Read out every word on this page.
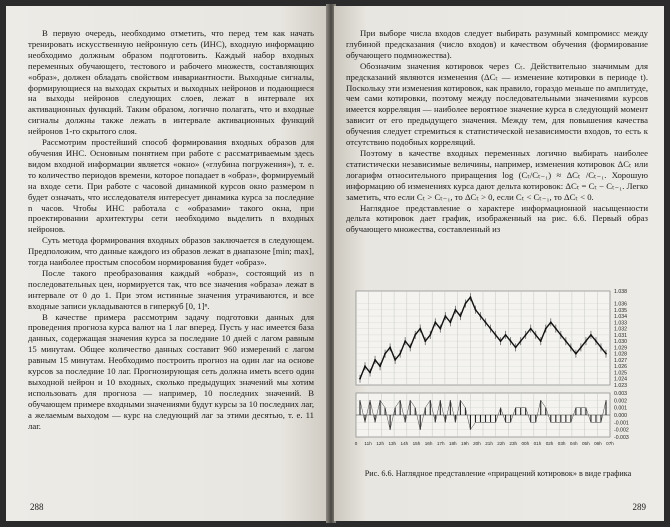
В первую очередь, необходимо отметить, что перед тем как начать тренировать искусственную нейронную сеть (ИНС), входную информацию необходимо должным образом подготовить. Каждый набор входных переменных обучающего, тестового и рабочего множеств, составляющих «образ», должен обладать свойством инвариантности. Выходные сигналы, формирующиеся на выходах скрытых и выходных нейронов и подающиеся на выходы нейронов следующих слоев, лежат в интервале их активационных функций. Таким образом, логично полагать, что и входные сигналы должны также лежать в интервале активационных функций нейронов 1-го скрытого слоя.

Рассмотрим простейший способ формирования входных образов для обучения ИНС. Основным понятием при работе с рассматриваемым здесь видом входной информации является «окно» («глубина погружения»), т. е. то количество периодов времени, которое попадает в «образ», формируемый на входе сети. При работе с часовой динамикой курсов окно размером n будет означать, что исследователя интересует динамика курса за последние n часов. Чтобы ИНС работала с «образами» такого окна, при проектировании архитектуры сети необходимо выделить n входных нейронов.

Суть метода формирования входных образов заключается в следующем. Предположим, что данные каждого из образов лежат в диапазоне [min; max], тогда наиболее простым способом нормирования будет «образ».

После такого преобразования каждый «образ», состоящий из n последовательных цен, нормируется так, что все значения «образа» лежат в интервале от 0 до 1. При этом истинные значения утрачиваются, и все входные записи укладываются в гиперкуб [0, 1]ⁿ.

В качестве примера рассмотрим задачу подготовки данных для проведения прогноза курса валют на 1 лаг вперед. Пусть у нас имеется база данных, содержащая значения курса за последние 10 дней с лагом равным 15 минутам. Общее количество данных составит 960 измерений с лагом равным 15 минутам. Необходимо построить прогноз на один лаг на основе курсов за последние 10 лаг. Прогнозирующая сеть должна иметь всего один выходной нейрон и 10 входных, сколько предыдущих значений мы хотим использовать для прогноза — например, 10 последних значений. В обучающем примере входными значениями будут курсы за 10 последних лаг, а желаемым выходом — курс на следующий лаг за этими десятью, т. е. 11 лаг.

288

При выборе числа входов следует выбирать разумный компромисс между глубиной предсказания (число входов) и качеством обучения (формирование обучающего подмножества).

Обозначим значения котировок через Cₜ. Действительно значимым для предсказаний являются изменения (ΔCₜ — изменение котировки в периоде t). Поскольку эти изменения котировок, как правило, гораздо меньше по амплитуде, чем сами котировки, поэтому между последовательными значениями курсов имеется корреляция — наиболее вероятное значение курса в следующий момент зависит от его предыдущего значения. Между тем, для повышения качества обучения следует стремиться к статистической независимости входов, то есть к отсутствию подобных корреляций.

Поэтому в качестве входных переменных логично выбирать наиболее статистически независимые величины, например, изменения котировок ΔCₜ или логарифм относительного приращения log (Cₜ/Cₜ₋₁) ≈ ΔCₜ /Cₜ₋₁. Хорошую информацию об изменениях курса дают дельта котировок: ΔCₜ = Cₜ − Cₜ₋₁. Легко заметить, что если Cₜ > Cₜ₋₁, то ΔCₜ > 0, если Cₜ < Cₜ₋₁, то ΔCₜ < 0.

Наглядное представление о характере информационной насыщенности дельта котировок дает график, изображенный на рис. 6.6. Первый образ обучающего множества, составленный из

1.038
1.036
1.035
1.034
1.033
1.032
1.031
1.030
1.029
1.028
1.027
1.026
1.025
1.024
1.023
0.003
0.002
0.001
0.000
-0.001
-0.002
-0.003
0 11h 12h 13h 14h 15h 16h 17h 18h 19h 20h 21h 22h 23h 00h 01h 02h 03h 04h 05h 06h 07h
Рис. 6.6. Наглядное представление «приращений котировок» в виде графика
289
